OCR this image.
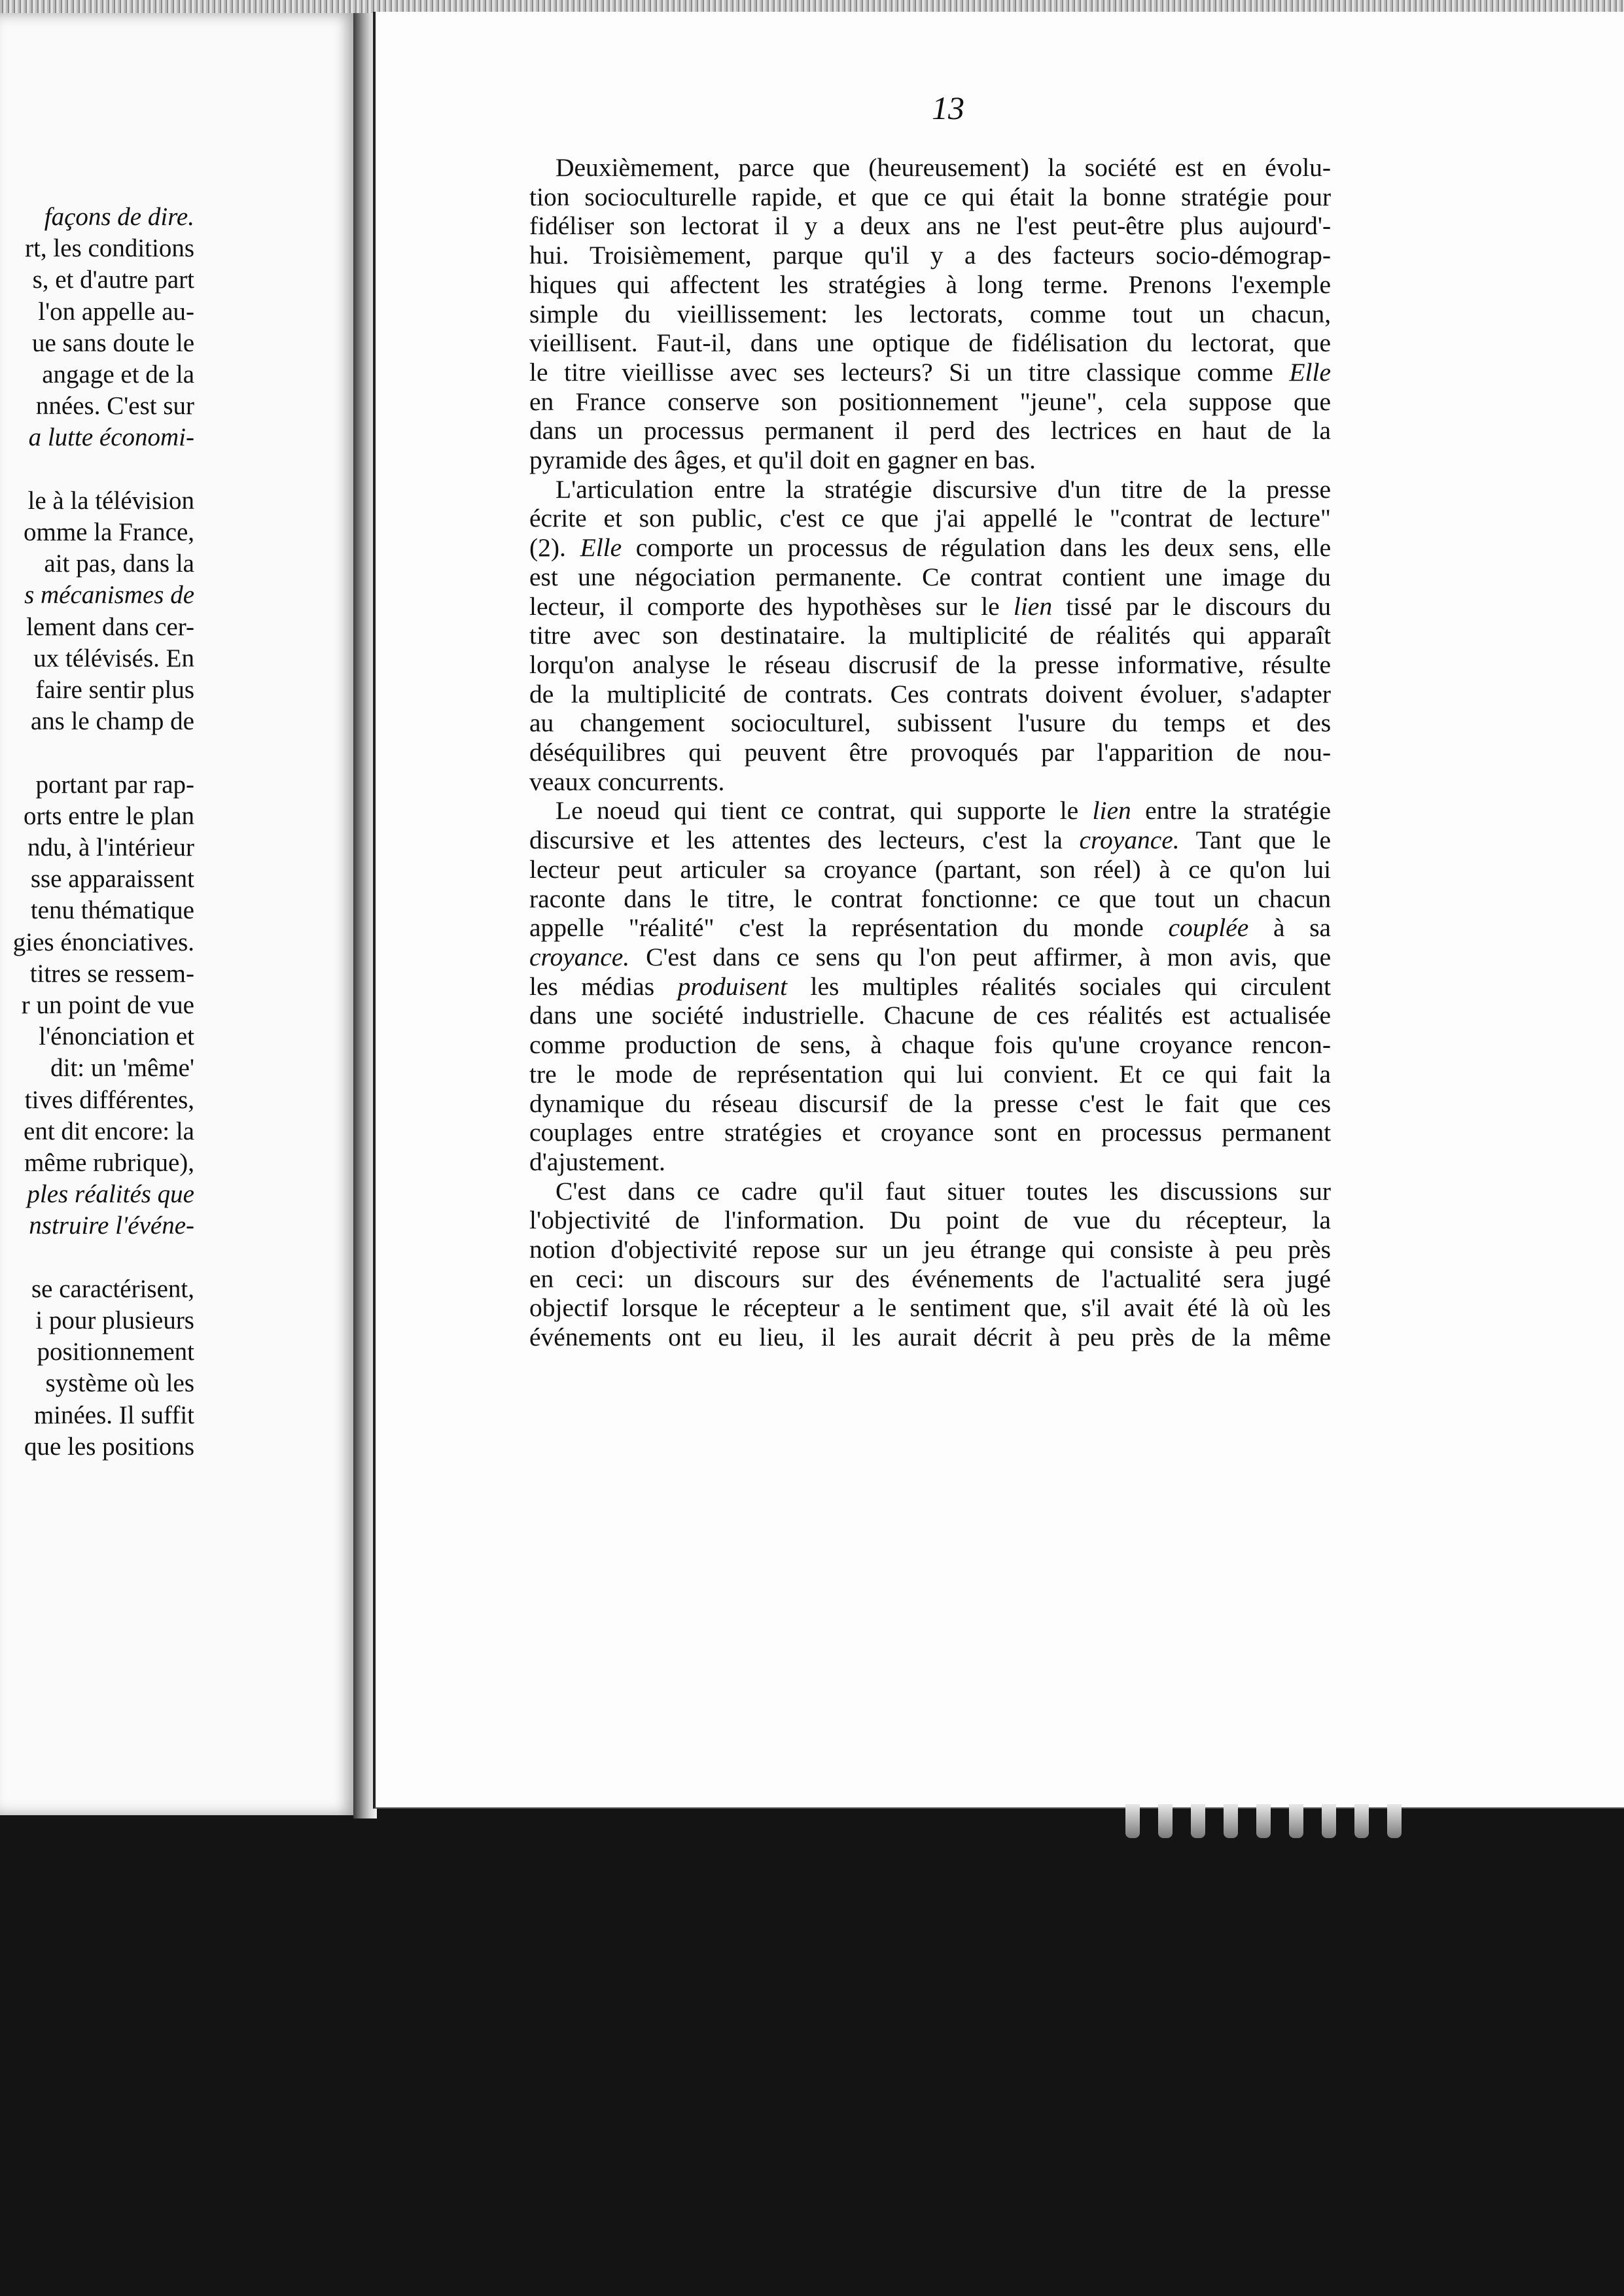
façons de dire.
rt, les conditions
s, et d'autre part
l'on appelle au-
ue sans doute le
angage et de la
nnées. C'est sur
a lutte économi-
le à la télévision
omme la France,
ait pas, dans la
s mécanismes de
lement dans cer-
ux télévisés. En
faire sentir plus
ans le champ de
portant par rap-
orts entre le plan
ndu, à l'intérieur
sse apparaissent
tenu thématique
gies énonciatives.
titres se ressem-
r un point de vue
l'énonciation et
dit: un 'même'
tives différentes,
ent dit encore: la
même rubrique),
ples réalités que
nstruire l'événe-
se caractérisent,
i pour plusieurs
positionnement
système où les
minées. Il suffit
que les positions
13
Deuxièmement, parce que (heureusement) la société est en évolu-
tion socioculturelle rapide, et que ce qui était la bonne stratégie pour
fidéliser son lectorat il y a deux ans ne l'est peut-être plus aujourd'-
hui. Troisièmement, parque qu'il y a des facteurs socio-démograp-
hiques qui affectent les stratégies à long terme. Prenons l'exemple
simple du vieillissement: les lectorats, comme tout un chacun,
vieillisent. Faut-il, dans une optique de fidélisation du lectorat, que
le titre vieillisse avec ses lecteurs? Si un titre classique comme Elle
en France conserve son positionnement "jeune", cela suppose que
dans un processus permanent il perd des lectrices en haut de la
pyramide des âges, et qu'il doit en gagner en bas.
L'articulation entre la stratégie discursive d'un titre de la presse
écrite et son public, c'est ce que j'ai appellé le "contrat de lecture"
(2). Elle comporte un processus de régulation dans les deux sens, elle
est une négociation permanente. Ce contrat contient une image du
lecteur, il comporte des hypothèses sur le lien tissé par le discours du
titre avec son destinataire. la multiplicité de réalités qui apparaît
lorqu'on analyse le réseau discrusif de la presse informative, résulte
de la multiplicité de contrats. Ces contrats doivent évoluer, s'adapter
au changement socioculturel, subissent l'usure du temps et des
déséquilibres qui peuvent être provoqués par l'apparition de nou-
veaux concurrents.
Le noeud qui tient ce contrat, qui supporte le lien entre la stratégie
discursive et les attentes des lecteurs, c'est la croyance. Tant que le
lecteur peut articuler sa croyance (partant, son réel) à ce qu'on lui
raconte dans le titre, le contrat fonctionne: ce que tout un chacun
appelle "réalité" c'est la représentation du monde couplée à sa
croyance. C'est dans ce sens qu l'on peut affirmer, à mon avis, que
les médias produisent les multiples réalités sociales qui circulent
dans une société industrielle. Chacune de ces réalités est actualisée
comme production de sens, à chaque fois qu'une croyance rencon-
tre le mode de représentation qui lui convient. Et ce qui fait la
dynamique du réseau discursif de la presse c'est le fait que ces
couplages entre stratégies et croyance sont en processus permanent
d'ajustement.
C'est dans ce cadre qu'il faut situer toutes les discussions sur
l'objectivité de l'information. Du point de vue du récepteur, la
notion d'objectivité repose sur un jeu étrange qui consiste à peu près
en ceci: un discours sur des événements de l'actualité sera jugé
objectif lorsque le récepteur a le sentiment que, s'il avait été là où les
événements ont eu lieu, il les aurait décrit à peu près de la même
